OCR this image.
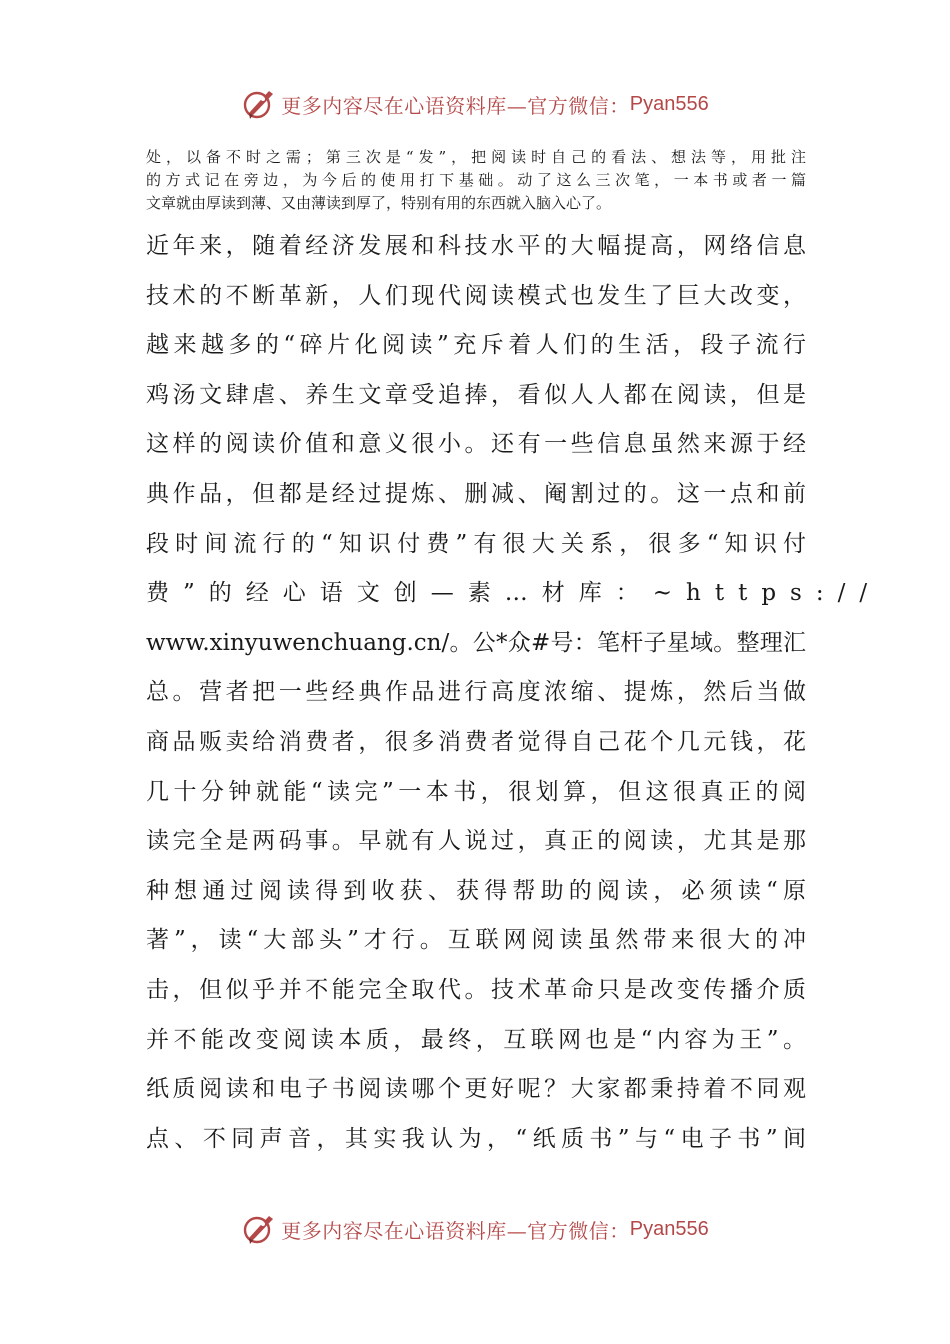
更多内容尽在心语资料库—官方微信： Pyan556
处，以备不时之需；第三次是“发”，把阅读时自己的看法、想法等，用批注
的方式记在旁边，为今后的使用打下基础。动了这么三次笔，一本书或者一篇
文章就由厚读到薄、又由薄读到厚了，特别有用的东西就入脑入心了。
近年来，随着经济发展和科技水平的大幅提高，网络信息
技术的不断革新，人们现代阅读模式也发生了巨大改变，
越来越多的“碎片化阅读”充斥着人们的生活，段子流行
鸡汤文肆虐、养生文章受追捧，看似人人都在阅读，但是
这样的阅读价值和意义很小。还有一些信息虽然来源于经
典作品，但都是经过提炼、删减、阉割过的。这一点和前
段时间流行的“知识付费”有很大关系，很多“知识付
费”的经心语文创—素…材库：~https://
www.xinyuwenchuang.cn/。公*众#号：笔杆子星域。整理汇
总。营者把一些经典作品进行高度浓缩、提炼，然后当做
商品贩卖给消费者，很多消费者觉得自己花个几元钱，花
几十分钟就能“读完”一本书，很划算，但这很真正的阅
读完全是两码事。早就有人说过，真正的阅读，尤其是那
种想通过阅读得到收获、获得帮助的阅读，必须读“原
著”，读“大部头”才行。互联网阅读虽然带来很大的冲
击，但似乎并不能完全取代。技术革命只是改变传播介质
并不能改变阅读本质，最终，互联网也是“内容为王”。
纸质阅读和电子书阅读哪个更好呢？大家都秉持着不同观
点、不同声音，其实我认为，“纸质书”与“电子书”间
更多内容尽在心语资料库—官方微信： Pyan556
